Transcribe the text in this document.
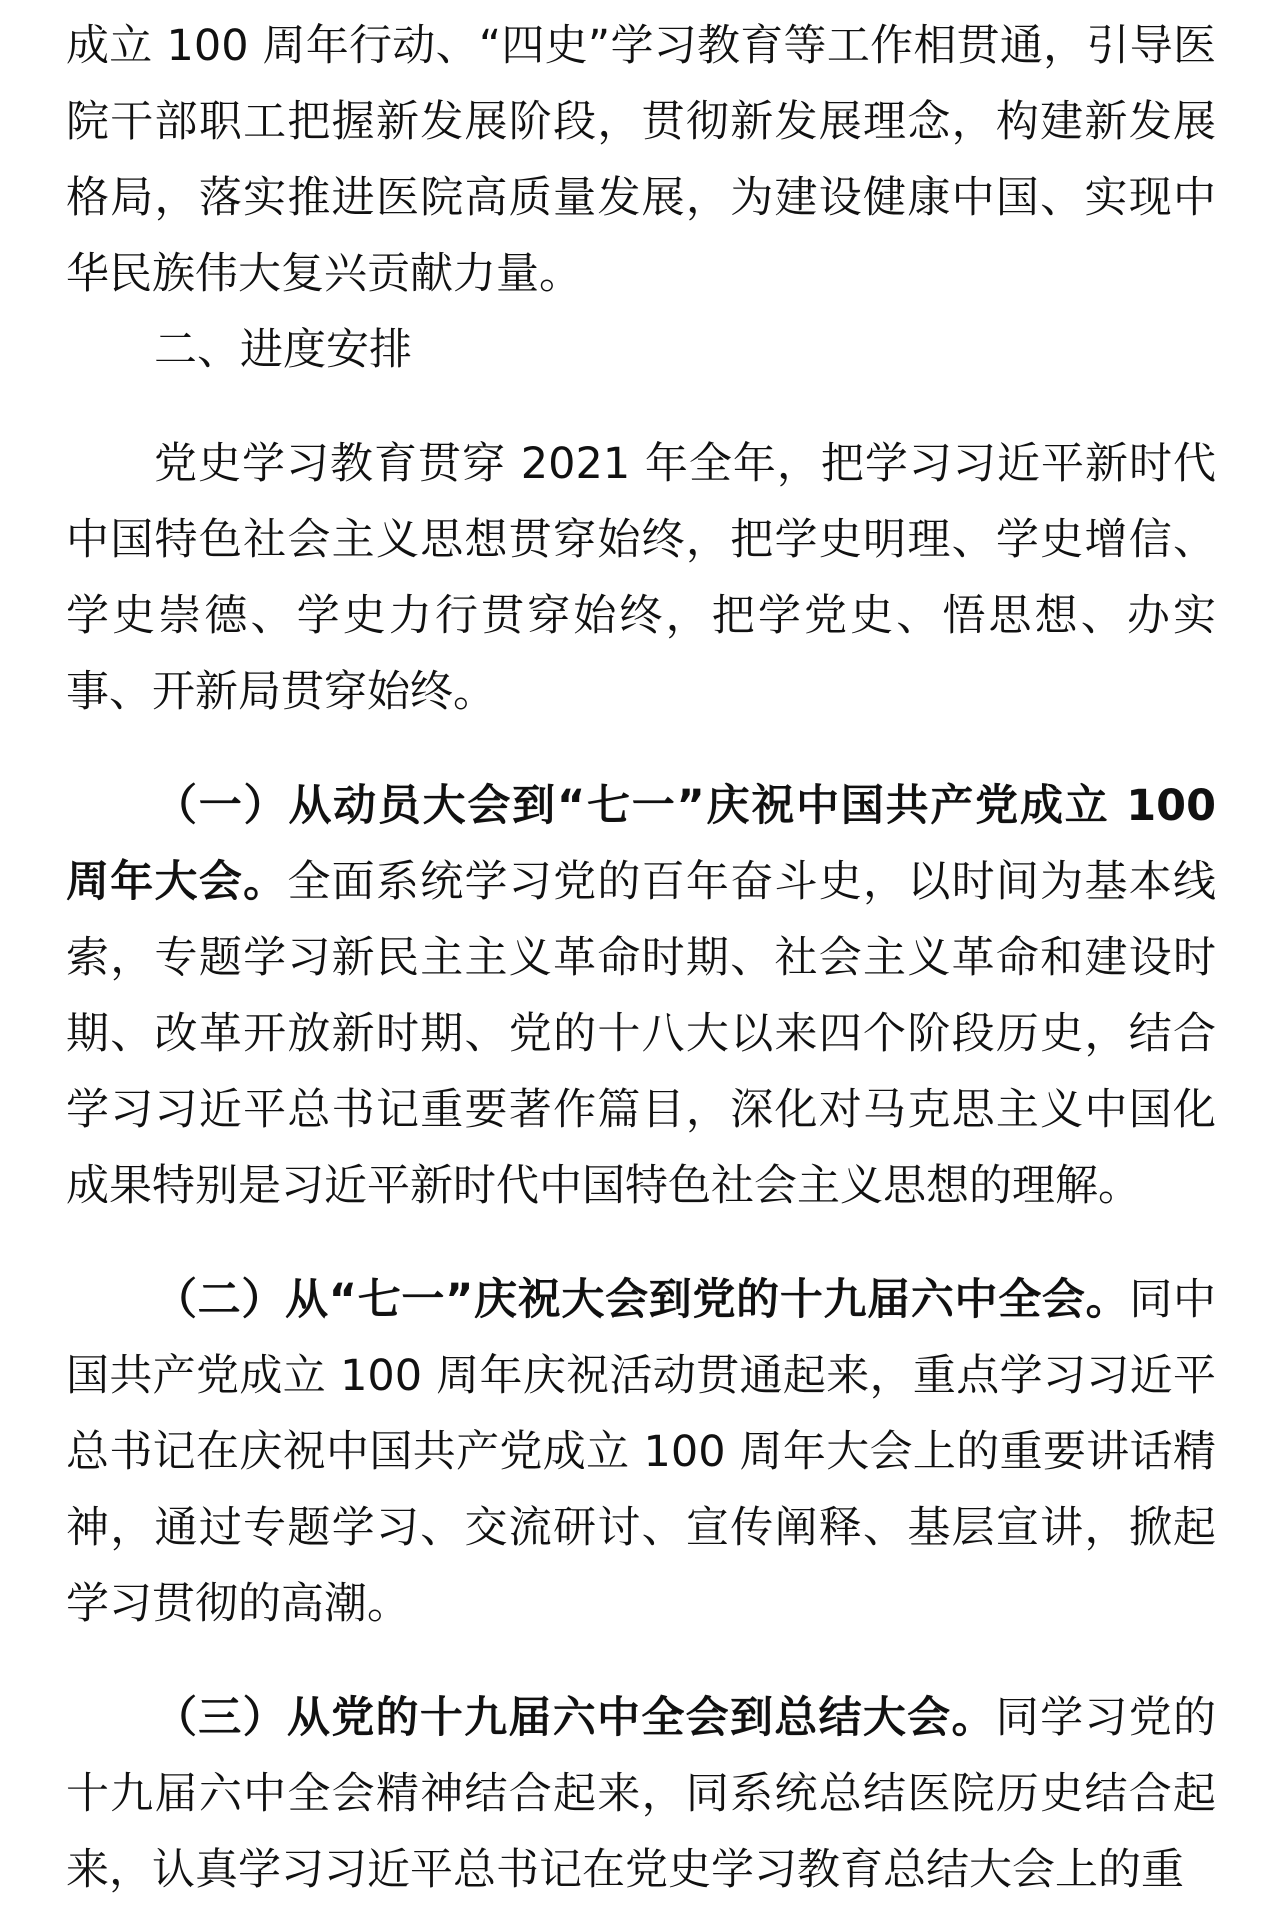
成立 100 周年行动、“四史”学习教育等工作相贯通，引导医院干部职工把握新发展阶段，贯彻新发展理念，构建新发展格局，落实推进医院高质量发展，为建设健康中国、实现中华民族伟大复兴贡献力量。

二、进度安排

党史学习教育贯穿 2021 年全年，把学习习近平新时代中国特色社会主义思想贯穿始终，把学史明理、学史增信、学史崇德、学史力行贯穿始终，把学党史、悟思想、办实事、开新局贯穿始终。

（一）从动员大会到“七一”庆祝中国共产党成立 100 周年大会。全面系统学习党的百年奋斗史，以时间为基本线索，专题学习新民主主义革命时期、社会主义革命和建设时期、改革开放新时期、党的十八大以来四个阶段历史，结合学习习近平总书记重要著作篇目，深化对马克思主义中国化成果特别是习近平新时代中国特色社会主义思想的理解。

（二）从“七一”庆祝大会到党的十九届六中全会。同中国共产党成立 100 周年庆祝活动贯通起来，重点学习习近平总书记在庆祝中国共产党成立 100 周年大会上的重要讲话精神，通过专题学习、交流研讨、宣传阐释、基层宣讲，掀起学习贯彻的高潮。

（三）从党的十九届六中全会到总结大会。同学习党的十九届六中全会精神结合起来，同系统总结医院历史结合起来，认真学习习近平总书记在党史学习教育总结大会上的重
